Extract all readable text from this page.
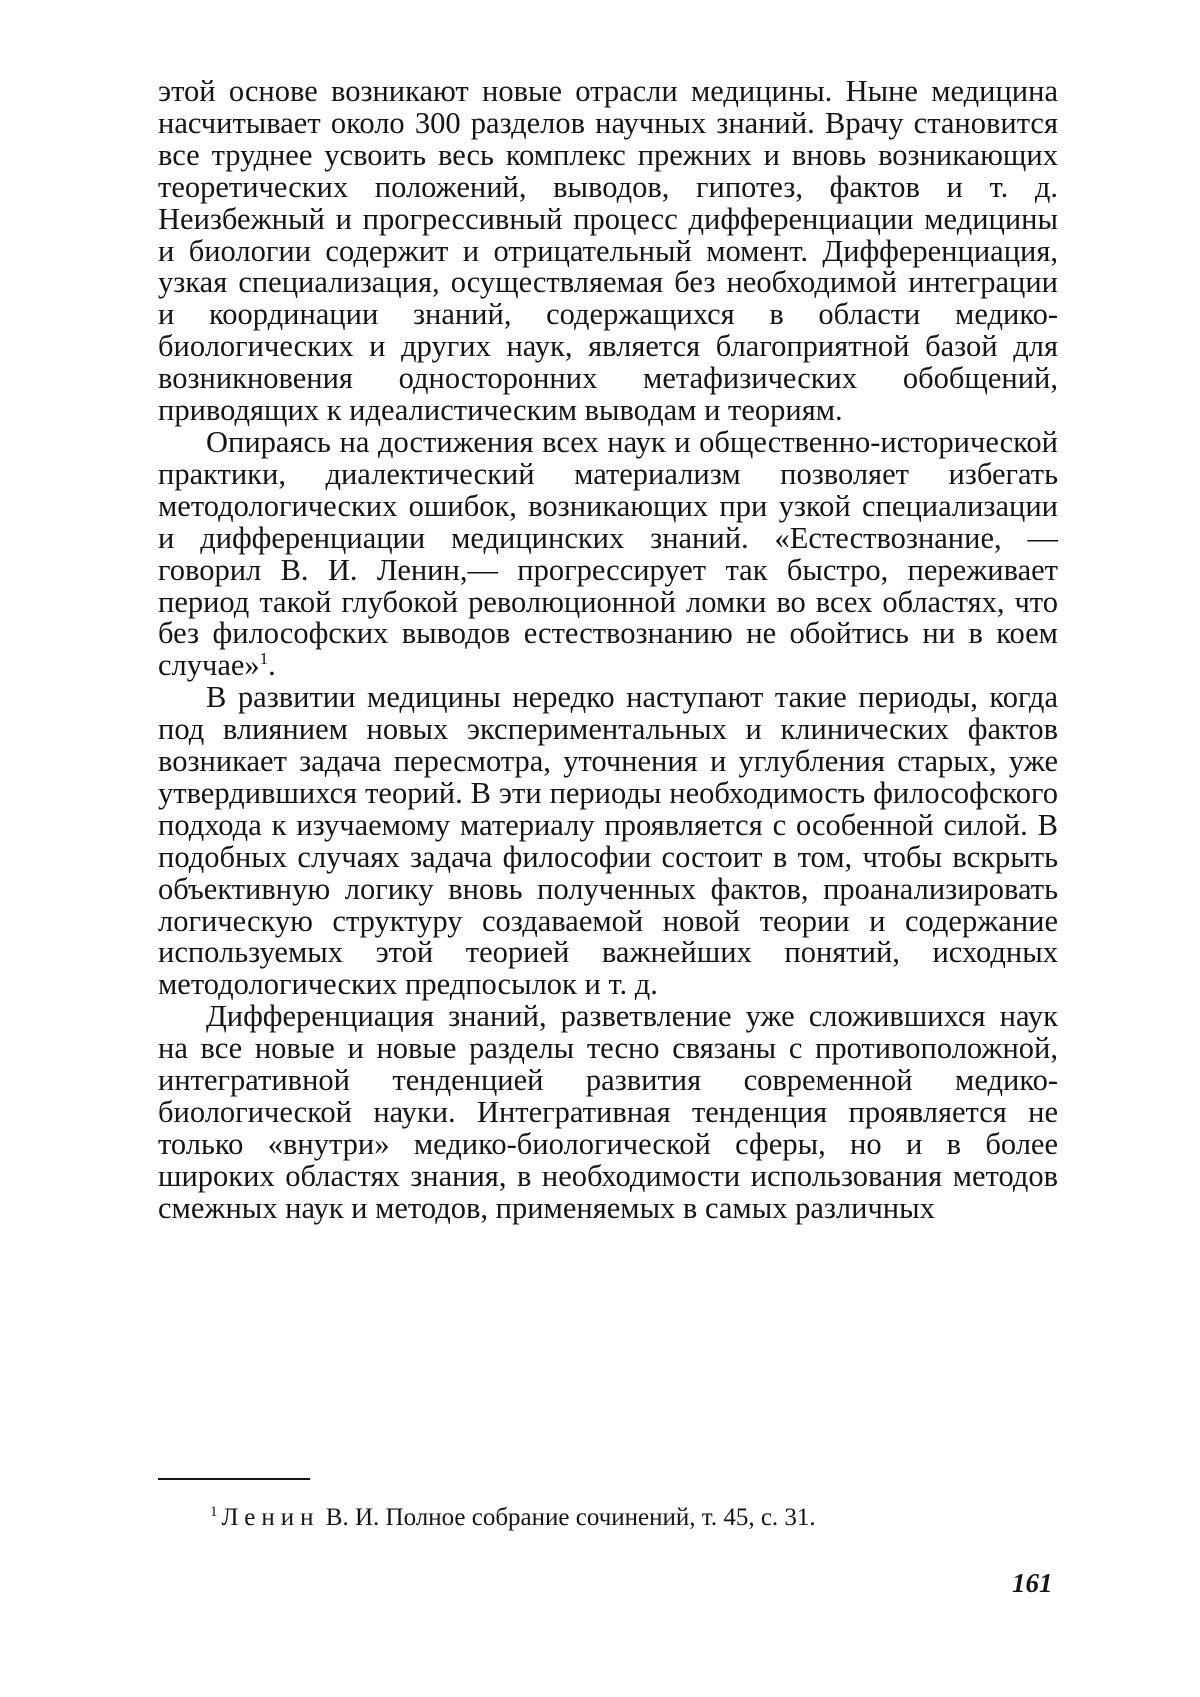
этой основе возникают новые отрасли медицины. Ныне медицина насчитывает около 300 разделов научных знаний. Врачу становится все труднее усвоить весь комплекс прежних и вновь возникающих теоретических положений, выводов, гипотез, фактов и т. д. Неизбежный и прогрессивный процесс дифференциации медицины и биологии содержит и отрицательный момент. Дифференциация, узкая специализация, осуществляемая без необходимой интеграции и координации знаний, содержащихся в области медико-биологических и других наук, является благоприятной базой для возникновения односторонних метафизических обобщений, приводящих к идеалистическим выводам и теориям.

Опираясь на достижения всех наук и общественно-исторической практики, диалектический материализм позволяет избегать методологических ошибок, возникающих при узкой специализации и дифференциации медицинских знаний. «Естествознание, — говорил В. И. Ленин,— прогрессирует так быстро, переживает период такой глубокой революционной ломки во всех областях, что без философских выводов естествознанию не обойтись ни в коем случае»$^1$.

В развитии медицины нередко наступают такие периоды, когда под влиянием новых экспериментальных и клинических фактов возникает задача пересмотра, уточнения и углубления старых, уже утвердившихся теорий. В эти периоды необходимость философского подхода к изучаемому материалу проявляется с особенной силой. В подобных случаях задача философии состоит в том, чтобы вскрыть объективную логику вновь полученных фактов, проанализировать логическую структуру создаваемой новой теории и содержание используемых этой теорией важнейших понятий, исходных методологических предпосылок и т. д.

Дифференциация знаний, разветвление уже сложившихся наук на все новые и новые разделы тесно связаны с противоположной, интегративной тенденцией развития современной медико-биологической науки. Интегративная тенденция проявляется не только «внутри» медико-биологической сферы, но и в более широких областях знания, в необходимости использования методов смежных наук и методов, применяемых в самых различных

$^1$ Ленин В. И. Полное собрание сочинений, т. 45, с. 31.
161
